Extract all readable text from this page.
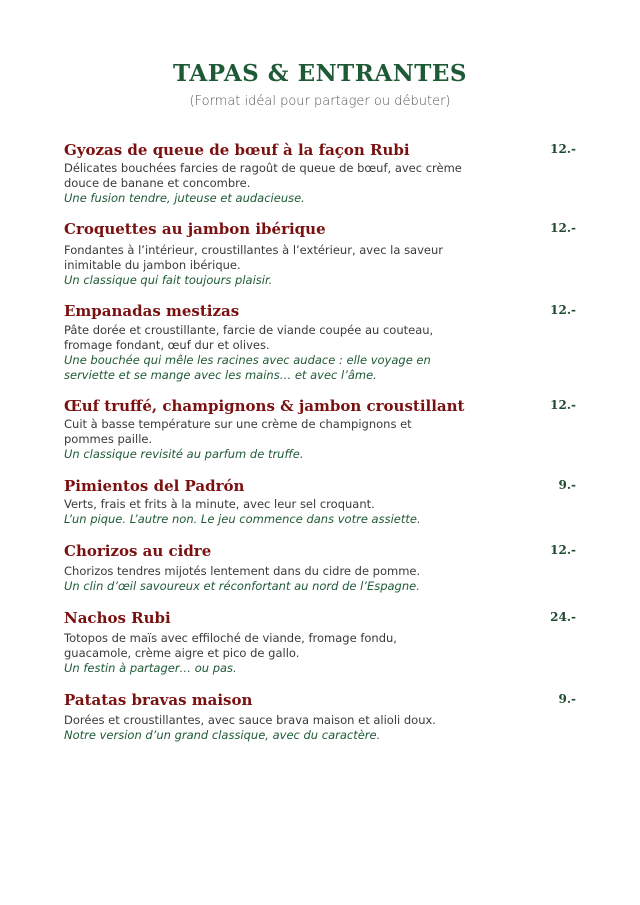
TAPAS & ENTRANTES
(Format idéal pour partager ou débuter)
Gyozas de queue de bœuf à la façon Rubi	12.-
Délicates bouchées farcies de ragoût de queue de bœuf, avec crème douce de banane et concombre.
Une fusion tendre, juteuse et audacieuse.
Croquettes au jambon ibérique	12.-
Fondantes à l’intérieur, croustillantes à l’extérieur, avec la saveur inimitable du jambon ibérique.
Un classique qui fait toujours plaisir.
Empanadas mestizas	12.-
Pâte dorée et croustillante, farcie de viande coupée au couteau, fromage fondant, œuf dur et olives.
Une bouchée qui mêle les racines avec audace : elle voyage en serviette et se mange avec les mains… et avec l’âme.
Œuf truffé, champignons & jambon croustillant	12.-
Cuit à basse température sur une crème de champignons et pommes paille.
Un classique revisité au parfum de truffe.
Pimientos del Padrón	9.-
Verts, frais et frits à la minute, avec leur sel croquant.
L’un pique. L’autre non. Le jeu commence dans votre assiette.
Chorizos au cidre	12.-
Chorizos tendres mijotés lentement dans du cidre de pomme.
Un clin d’œil savoureux et réconfortant au nord de l’Espagne.
Nachos Rubi	24.-
Totopos de maïs avec effiloché de viande, fromage fondu, guacamole, crème aigre et pico de gallo.
Un festin à partager… ou pas.
Patatas bravas maison	9.-
Dorées et croustillantes, avec sauce brava maison et alioli doux.
Notre version d’un grand classique, avec du caractère.
